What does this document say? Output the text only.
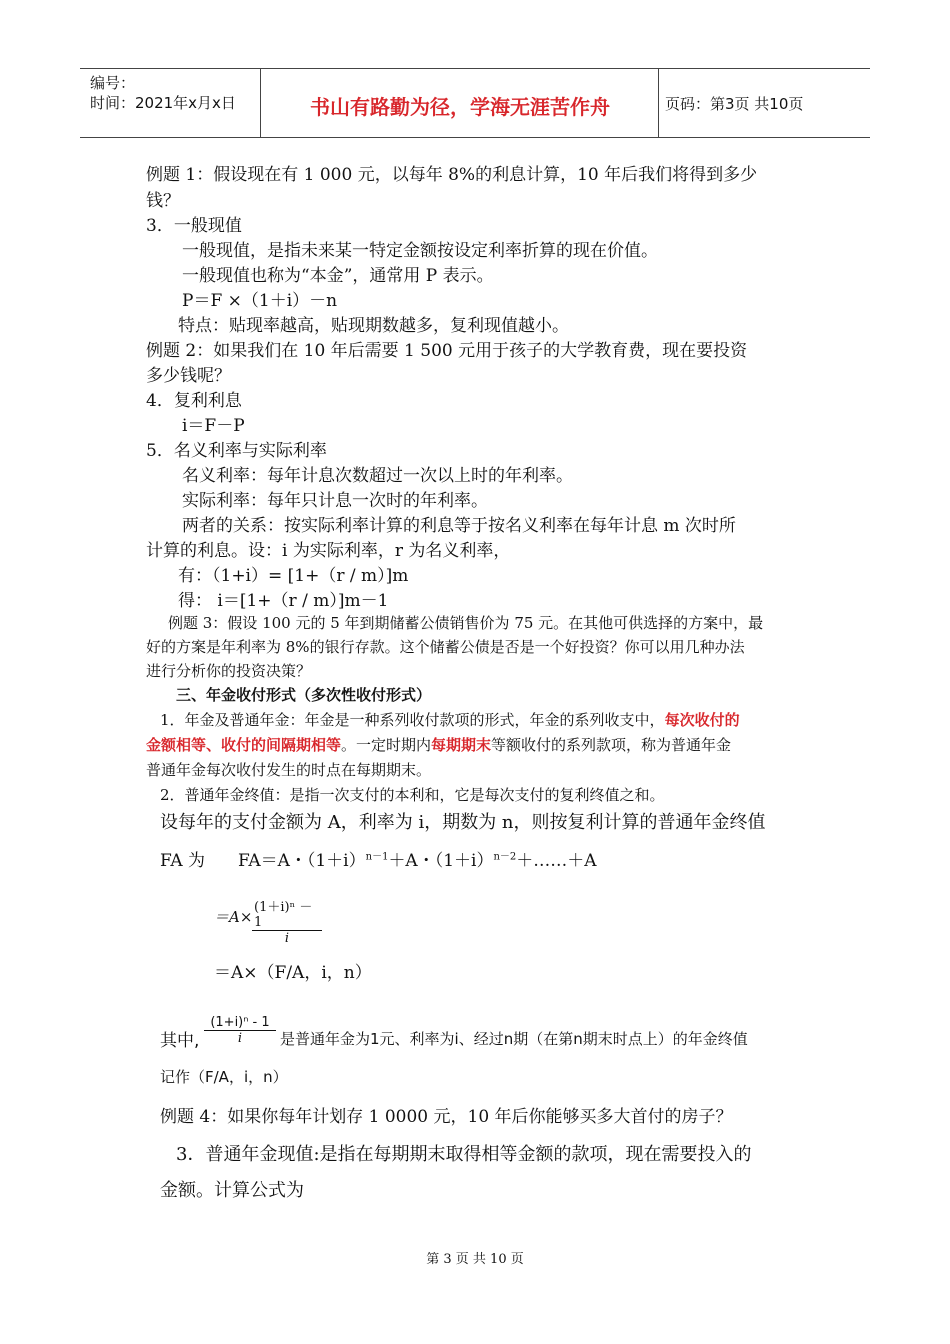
编号：
时间：2021年x月x日	书山有路勤为径，学海无涯苦作舟	页码：第3页 共10页
例题 1：假设现在有 1 000 元，以每年 8%的利息计算，10 年后我们将得到多少
钱？
3．一般现值
一般现值，是指未来某一特定金额按设定利率折算的现在价值。
一般现值也称为“本金”，通常用 P 表示。
P＝F ×（1＋i）－n
特点：贴现率越高，贴现期数越多，复利现值越小。
例题 2：如果我们在 10 年后需要 1 500 元用于孩子的大学教育费，现在要投资
多少钱呢？
4．复利利息
i＝F－P
5．名义利率与实际利率
名义利率：每年计息次数超过一次以上时的年利率。
实际利率：每年只计息一次时的年利率。
两者的关系：按实际利率计算的利息等于按名义利率在每年计息 m 次时所
计算的利息。设：i 为实际利率，r 为名义利率，
有：（1+i）= [1+（r / m）]m
得： i＝[1+（r / m）]m－1
例题 3：假设 100 元的 5 年到期储蓄公债销售价为 75 元。在其他可供选择的方案中，最
好的方案是年利率为 8%的银行存款。这个储蓄公债是否是一个好投资？你可以用几种办法
进行分析你的投资决策？
三、年金收付形式（多次性收付形式）
1．年金及普通年金：年金是一种系列收付款项的形式，年金的系列收支中，每次收付的
金额相等、收付的间隔期相等。一定时期内每期期末等额收付的系列款项，称为普通年金
普通年金每次收付发生的时点在每期期末。
2．普通年金终值：是指一次支付的本利和，它是每次支付的复利终值之和。
设每年的支付金额为 A，利率为 i，期数为 n，则按复利计算的普通年金终值
FA 为 FA＝A・$(1+i)^{n-1}+A$・$(1+i)^{n-2}+\dots\dots+A$
＝A×
(1＋i)ⁿ －1
i
＝A×（F/A，i，n）
其中,
(1+i)ⁿ - 1
i	是普通年金为1元、利率为i、经过n期（在第n期末时点上）的年金终值
记作（F/A，i，n）
例题 4：如果你每年计划存 1 0000 元，10 年后你能够买多大首付的房子？
3．普通年金现值:是指在每期期末取得相等金额的款项，现在需要投入的
金额。计算公式为
第 3 页 共 10 页
